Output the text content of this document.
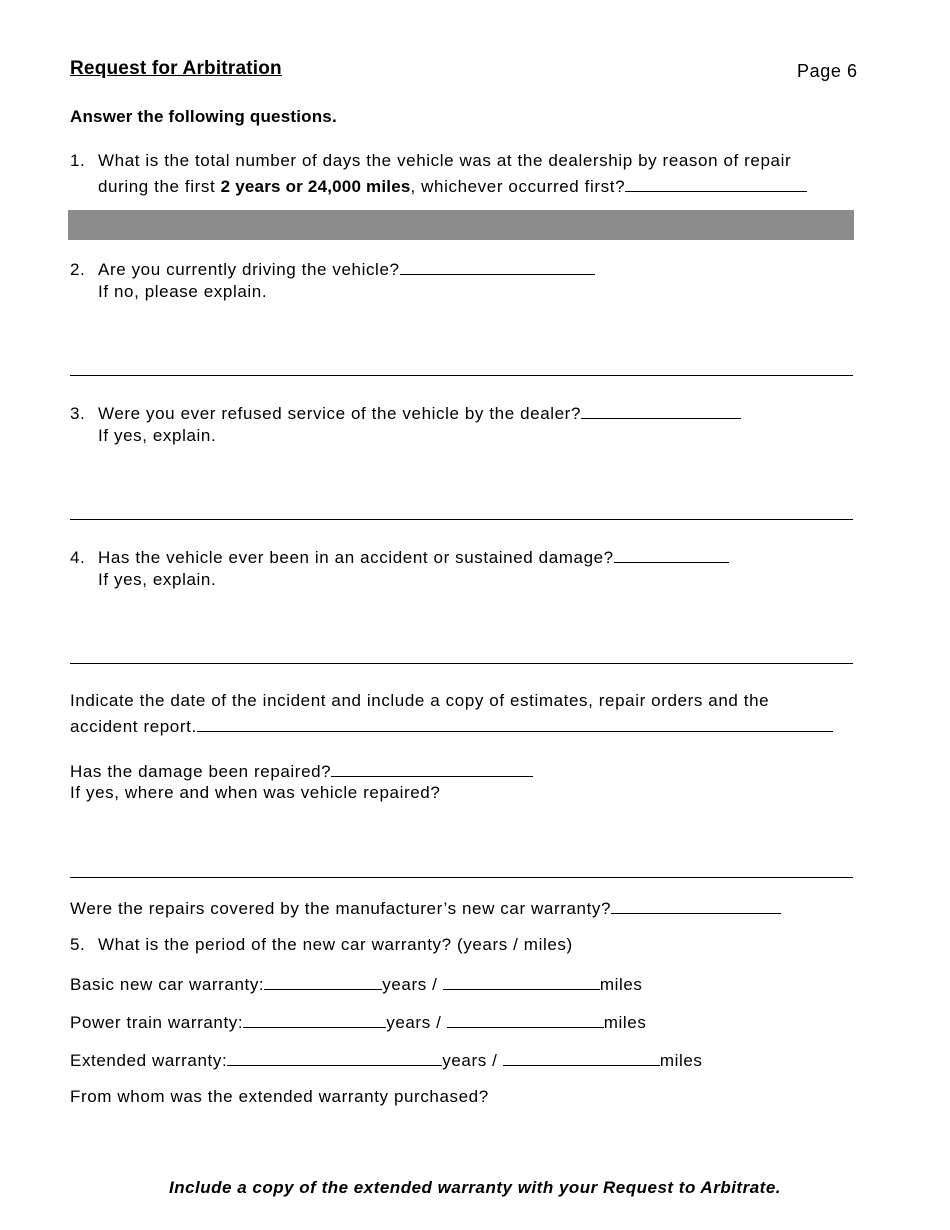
Request for Arbitration	Page 6
Answer the following questions.
1. What is the total number of days the vehicle was at the dealership by reason of repair
during the first 2 years or 24,000 miles, whichever occurred first?
2. Are you currently driving the vehicle?
If no, please explain.
3. Were you ever refused service of the vehicle by the dealer?
If yes, explain.
4. Has the vehicle ever been in an accident or sustained damage?
If yes, explain.
Indicate the date of the incident and include a copy of estimates, repair orders and the
accident report.
Has the damage been repaired?
If yes, where and when was vehicle repaired?
Were the repairs covered by the manufacturer’s new car warranty?
5. What is the period of the new car warranty? (years / miles)
Basic new car warranty:	years /	miles
Power train warranty:	years /	miles
Extended warranty:	years /	miles
From whom was the extended warranty purchased?
Include a copy of the extended warranty with your Request to Arbitrate.
